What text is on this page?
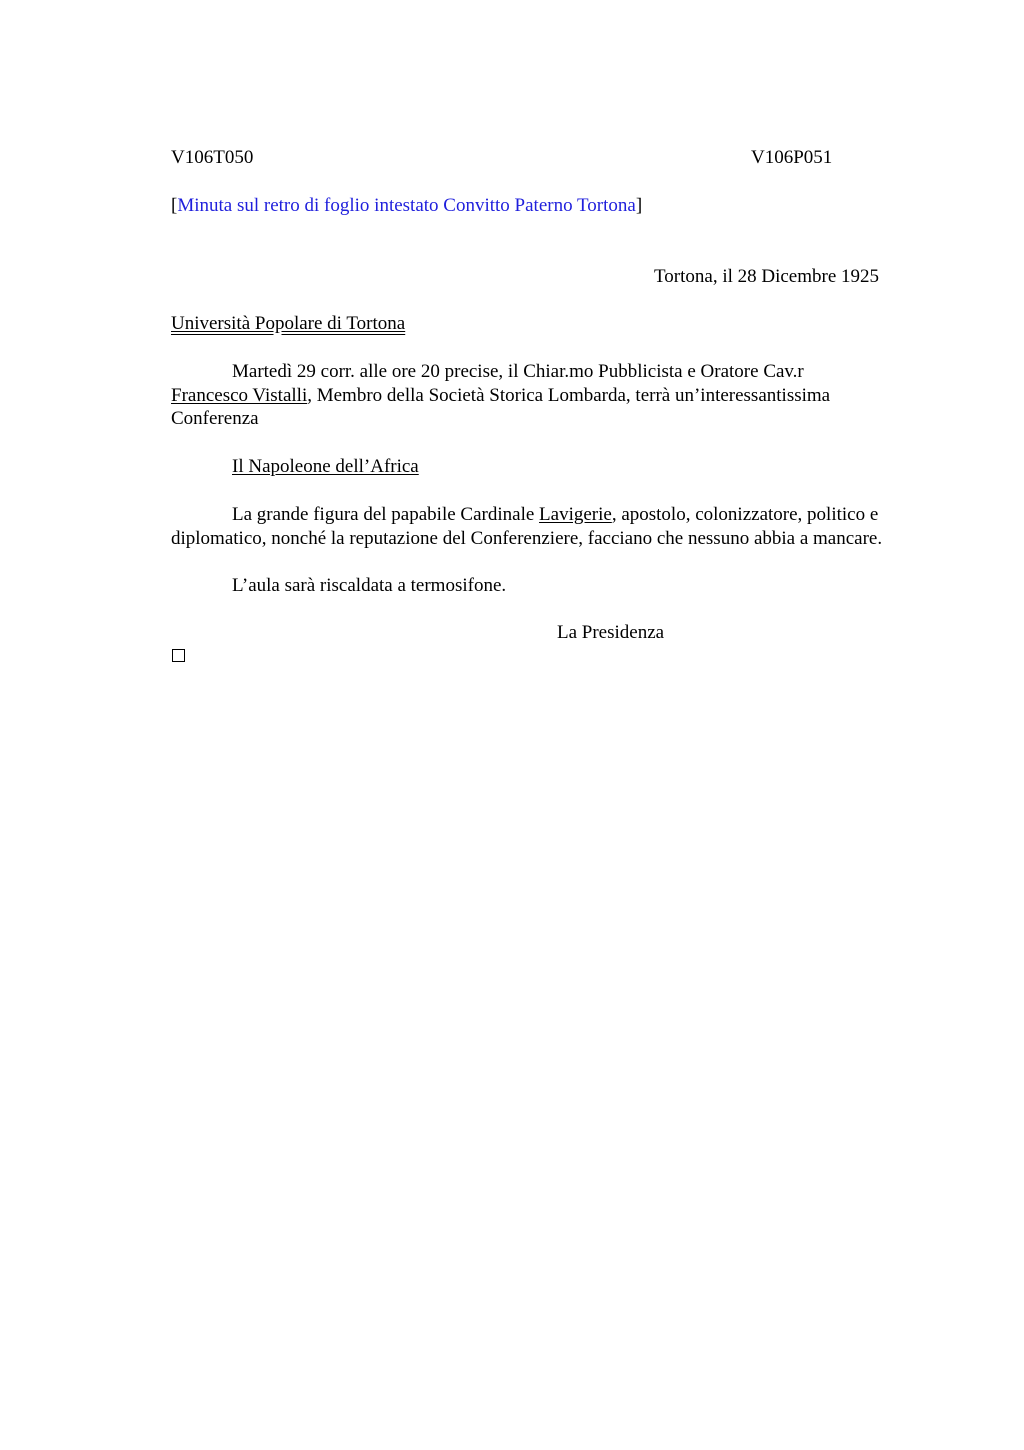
V106T050	V106P051
[Minuta sul retro di foglio intestato Convitto Paterno Tortona]
Tortona, il 28 Dicembre 1925
Università Popolare di Tortona
Martedì 29 corr. alle ore 20 precise, il Chiar.mo Pubblicista e Oratore Cav.r
Francesco Vistalli, Membro della Società Storica Lombarda, terrà un’interessantissima
Conferenza
Il Napoleone dell’Africa
La grande figura del papabile Cardinale Lavigerie, apostolo, colonizzatore, politico e diplomatico, nonché la reputazione del Conferenziere, facciano che nessuno abbia a mancare.
L’aula sarà riscaldata a termosifone.
La Presidenza
